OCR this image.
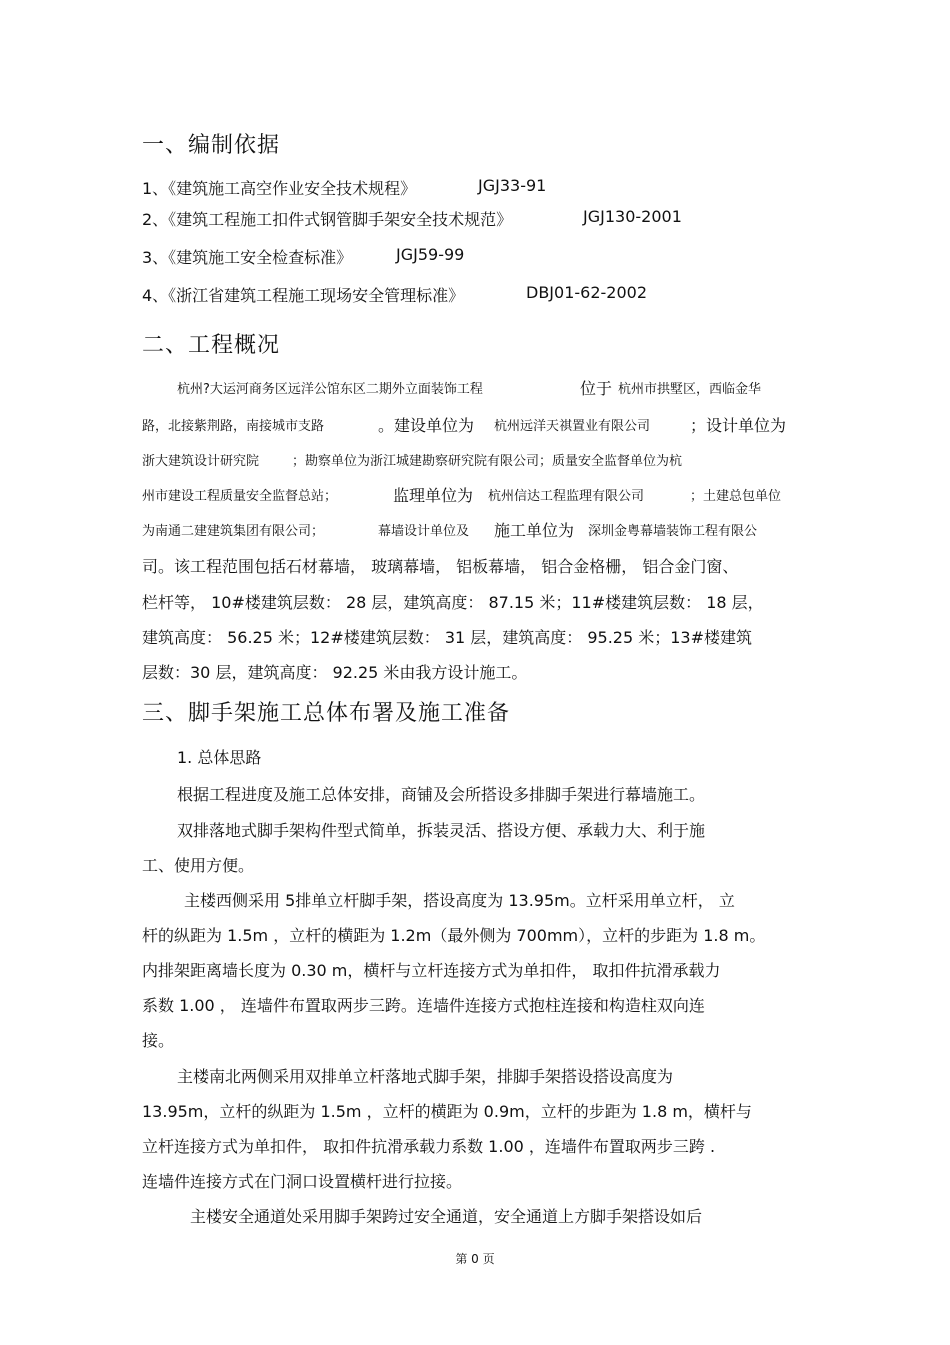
一、编制依据
1、《建筑施工高空作业安全技术规程》	JGJ33-91
2、《建筑工程施工扣件式钢管脚手架安全技术规范》	JGJ130-2001
3、《建筑施工安全检查标准》	JGJ59-99
4、《浙江省建筑工程施工现场安全管理标准》	DBJ01-62-2002
二、工程概况
杭州?大运河商务区远洋公馆东区二期外立面装饰工程	位于 杭州市拱墅区，西临金华
路，北接紫荆路，南接城市支路	。建设单位为 杭州远洋天祺置业有限公司 ；设计单位为
浙大建筑设计研究院	；勘察单位为浙江城建勘察研究院有限公司；质量安全监督单位为杭
州市建设工程质量安全监督总站；	监理单位为 杭州信达工程监理有限公司	；土建总包单位
为南通二建建筑集团有限公司；	幕墙设计单位及 施工单位为 深圳金粤幕墙装饰工程有限公
司。该工程范围包括石材幕墙， 玻璃幕墙， 铝板幕墙， 铝合金格栅， 铝合金门窗、
栏杆等， 10#楼建筑层数： 28 层，建筑高度： 87.15 米；11#楼建筑层数： 18 层，
建筑高度： 56.25 米；12#楼建筑层数： 31 层，建筑高度： 95.25 米；13#楼建筑
层数：30 层，建筑高度： 92.25 米由我方设计施工。
三、脚手架施工总体布署及施工准备
1. 总体思路
根据工程进度及施工总体安排，商铺及会所搭设多排脚手架进行幕墙施工。
双排落地式脚手架构件型式简单，拆装灵活、搭设方便、承载力大、利于施
工、使用方便。
主楼西侧采用 5排单立杆脚手架，搭设高度为 13.95m。立杆采用单立杆， 立
杆的纵距为 1.5m ，立杆的横距为 1.2m（最外侧为 700mm），立杆的步距为 1.8 m。
内排架距离墙长度为 0.30 m，横杆与立杆连接方式为单扣件， 取扣件抗滑承载力
系数 1.00 ， 连墙件布置取两步三跨。连墙件连接方式抱柱连接和构造柱双向连
接。
主楼南北两侧采用双排单立杆落地式脚手架，排脚手架搭设搭设高度为
13.95m，立杆的纵距为 1.5m ，立杆的横距为 0.9m，立杆的步距为 1.8 m，横杆与
立杆连接方式为单扣件， 取扣件抗滑承载力系数 1.00 ，连墙件布置取两步三跨 .
连墙件连接方式在门洞口设置横杆进行拉接。
主楼安全通道处采用脚手架跨过安全通道，安全通道上方脚手架搭设如后
第 0 页
